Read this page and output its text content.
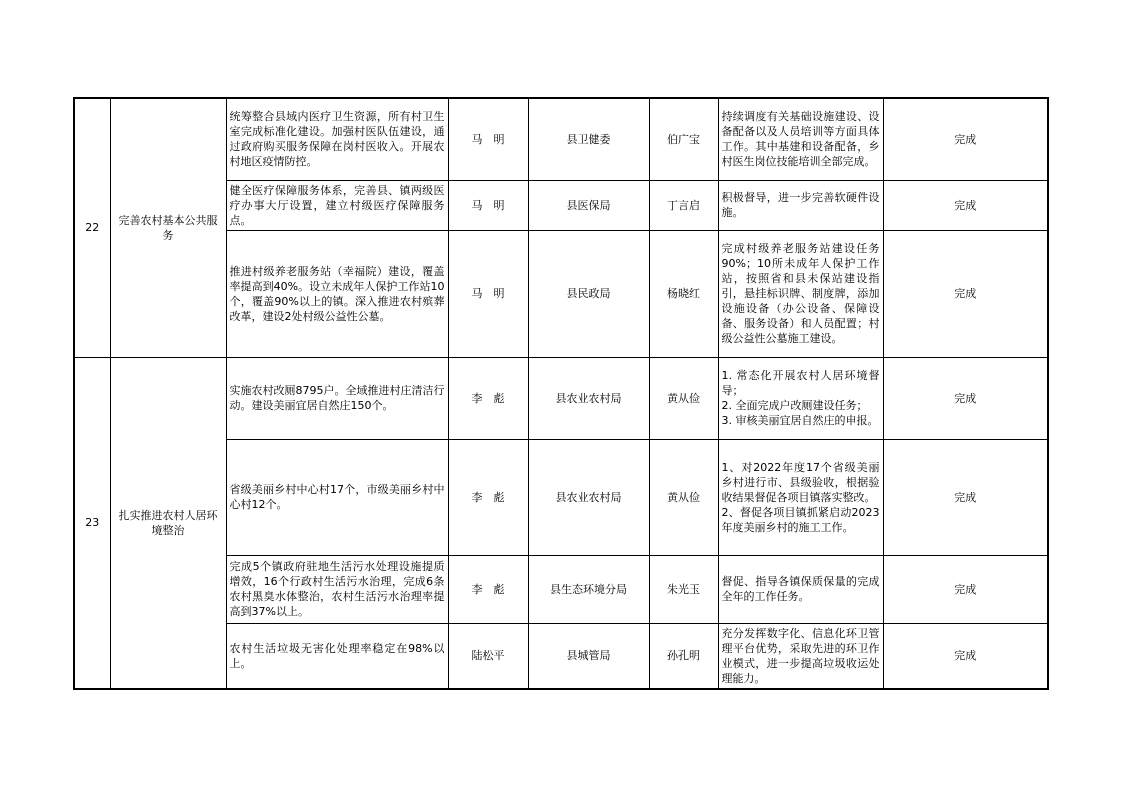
22	完善农村基本公共服务	统筹整合县域内医疗卫生资源，所有村卫生室完成标准化建设。加强村医队伍建设，通过政府购买服务保障在岗村医收入。开展农村地区疫情防控。	马　明	县卫健委	伯广宝	持续调度有关基础设施建设、设备配备以及人员培训等方面具体工作。其中基建和设备配备，乡村医生岗位技能培训全部完成。	完成
		健全医疗保障服务体系，完善县、镇两级医疗办事大厅设置，建立村级医疗保障服务点。	马　明	县医保局	丁言启	积极督导，进一步完善软硬件设施。	完成
		推进村级养老服务站（幸福院）建设，覆盖率提高到40%。设立未成年人保护工作站10个，覆盖90%以上的镇。深入推进农村殡葬改革，建设2处村级公益性公墓。	马　明	县民政局	杨晓红	完成村级养老服务站建设任务90%；10所未成年人保护工作站，按照省和县未保站建设指引，悬挂标识牌、制度牌，添加设施设备（办公设备、保障设备、服务设备）和人员配置；村级公益性公墓施工建设。	完成
23	扎实推进农村人居环境整治	实施农村改厕8795户。全域推进村庄清洁行动。建设美丽宜居自然庄150个。	李　彪	县农业农村局	黄从俭	1. 常态化开展农村人居环境督导；
2. 全面完成户改厕建设任务；
3. 审核美丽宜居自然庄的申报。	完成
		省级美丽乡村中心村17个，市级美丽乡村中心村12个。	李　彪	县农业农村局	黄从俭	1、对2022年度17个省级美丽乡村进行市、县级验收，根据验收结果督促各项目镇落实整改。
2、督促各项目镇抓紧启动2023年度美丽乡村的施工工作。	完成
		完成5个镇政府驻地生活污水处理设施提质增效，16个行政村生活污水治理，完成6条农村黑臭水体整治，农村生活污水治理率提高到37%以上。	李　彪	县生态环境分局	朱光玉	督促、指导各镇保质保量的完成全年的工作任务。	完成
		农村生活垃圾无害化处理率稳定在98%以上。	陆松平	县城管局	孙孔明	充分发挥数字化、信息化环卫管理平台优势，采取先进的环卫作业模式，进一步提高垃圾收运处理能力。	完成
